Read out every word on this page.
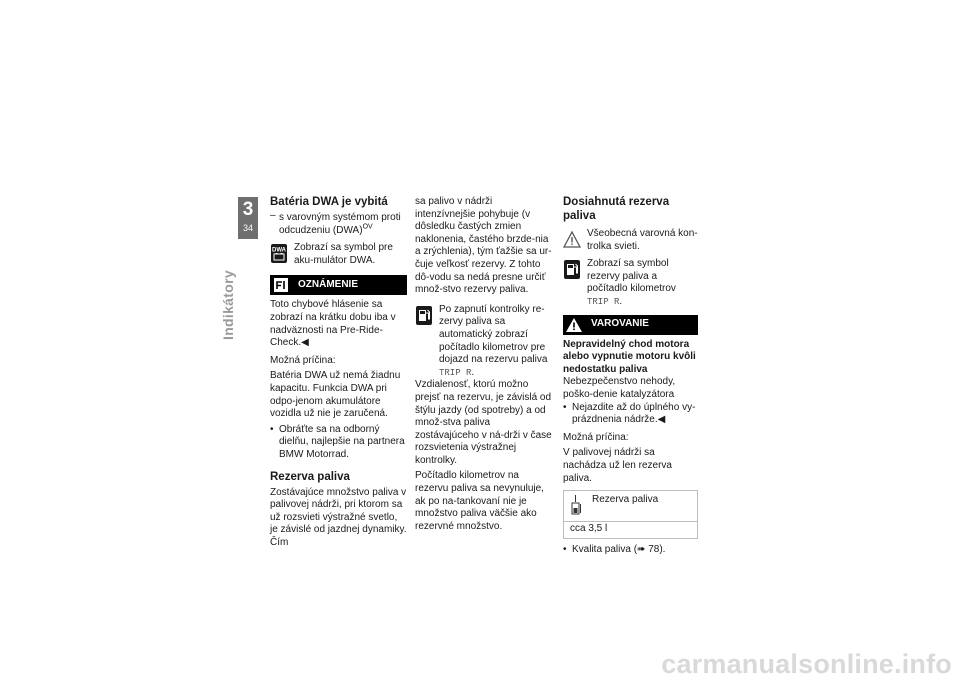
3
34
Indikátory
Batéria DWA je vybitá
– s varovným systémom proti odcudzeniu (DWA)$^{OV}$
DWA Zobrazí sa symbol pre aku-mulátor DWA.
OZNÁMENIE

Toto chybové hlásenie sa zobrazí na krátku dobu iba v nadväznosti na Pre-Ride-Check.◀

Možná príčina:

Batéria DWA už nemá žiadnu kapacitu. Funkcia DWA pri odpo-jenom akumulátore vozidla už nie je zaručená.

• Obráťte sa na odborný dielňu, najlepšie na partnera BMW Motorrad.
Rezerva paliva

Zostávajúce množstvo paliva v palivovej nádrži, pri ktorom sa už rozsvieti výstražné svetlo, je závislé od jazdnej dynamiky. Čím

sa palivo v nádrži intenzívnejšie pohybuje (v dôsledku častých zmien naklonenia, častého brzde-nia a zrýchlenia), tým ťažšie sa ur-čuje veľkosť rezervy. Z tohto dô-vodu sa nedá presne určiť množ-stvo rezervy paliva.

Po zapnutí kontrolky re-zervy paliva sa automatický zobrazí počítadlo kilometrov pre dojazd na rezervu paliva TRIP R.

Vzdialenosť, ktorú možno prejsť na rezervu, je závislá od štýlu jazdy (od spotreby) a od množ-stva paliva zostávajúceho v ná-drži v čase rozsvietenia výstražnej kontrolky.

Počítadlo kilometrov na rezervu paliva sa nevynuluje, ak po na-tankovaní nie je množstvo paliva väčšie ako rezervné množstvo.

Dosiahnutá rezerva paliva
Všeobecná varovná kon-trolka svieti.
Zobrazí sa symbol rezervy paliva a počítadlo kilometrov
TRIP R.
VAROVANIE
Nepravidelný chod motora alebo vypnutie motoru kvôli nedostatku paliva

Nebezpečenstvo nehody, poško-denie katalyzátora

• Nejazdite až do úplného vy-prázdnenia nádrže.◀

Možná príčina:

V palivovej nádrži sa nachádza už len rezerva paliva.

Rezerva paliva
cca 3,5 l
• Kvalita paliva (➠ 78).
carmanualsonline.info
